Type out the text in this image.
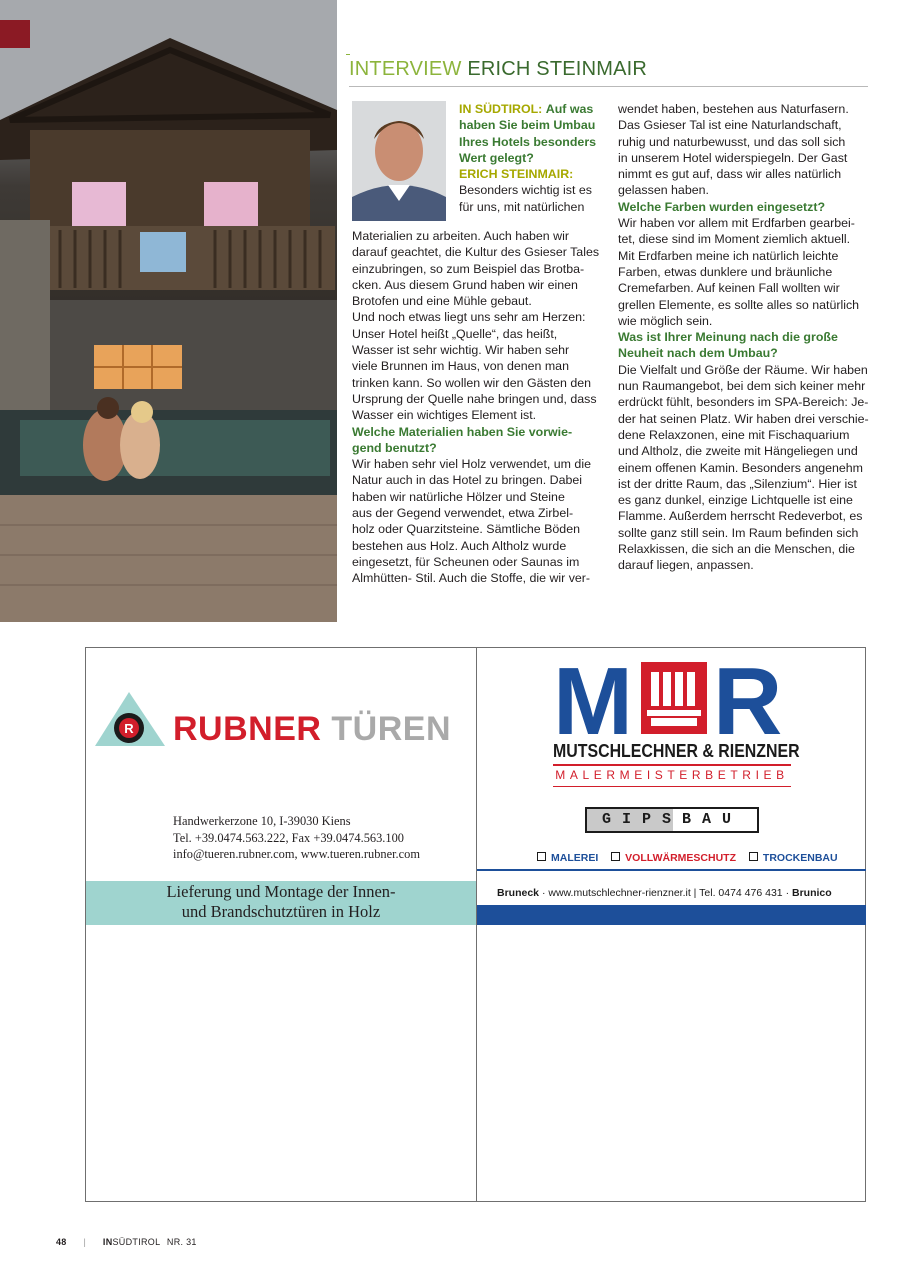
INTERVIEW ERICH STEINMAIR
IN SÜDTIROL: Auf was
haben Sie beim Umbau
Ihres Hotels besonders
Wert gelegt?
ERICH STEINMAIR:
Besonders wichtig ist es
für uns, mit natürlichen
Materialien zu arbeiten. Auch haben wir
darauf geachtet, die Kultur des Gsieser Tales
einzubringen, so zum Beispiel das Brotba-
cken. Aus diesem Grund haben wir einen
Brotofen und eine Mühle gebaut.
Und noch etwas liegt uns sehr am Herzen:
Unser Hotel heißt „Quelle“, das heißt,
Wasser ist sehr wichtig. Wir haben sehr
viele Brunnen im Haus, von denen man
trinken kann. So wollen wir den Gästen den
Ursprung der Quelle nahe bringen und, dass
Wasser ein wichtiges Element ist.
Welche Materialien haben Sie vorwie-
gend benutzt?
Wir haben sehr viel Holz verwendet, um die
Natur auch in das Hotel zu bringen. Dabei
haben wir natürliche Hölzer und Steine
aus der Gegend verwendet, etwa Zirbel-
holz oder Quarzitsteine. Sämtliche Böden
bestehen aus Holz. Auch Altholz wurde
eingesetzt, für Scheunen oder Saunas im
Almhütten- Stil. Auch die Stoffe, die wir ver-
wendet haben, bestehen aus Naturfasern.
Das Gsieser Tal ist eine Naturlandschaft,
ruhig und naturbewusst, und das soll sich
in unserem Hotel widerspiegeln. Der Gast
nimmt es gut auf, dass wir alles natürlich
gelassen haben.
Welche Farben wurden eingesetzt?
Wir haben vor allem mit Erdfarben gearbei-
tet, diese sind im Moment ziemlich aktuell.
Mit Erdfarben meine ich natürlich leichte
Farben, etwas dunklere und bräunliche
Cremefarben. Auf keinen Fall wollten wir
grellen Elemente, es sollte alles so natürlich
wie möglich sein.
Was ist Ihrer Meinung nach die große
Neuheit nach dem Umbau?
Die Vielfalt und Größe der Räume. Wir haben
nun Raumangebot, bei dem sich keiner mehr
erdrückt fühlt, besonders im SPA-Bereich: Je-
der hat seinen Platz. Wir haben drei verschie-
dene Relaxzonen, eine mit Fischaquarium
und Altholz, die zweite mit Hängeliegen und
einem offenen Kamin. Besonders angenehm
ist der dritte Raum, das „Silenzium“. Hier ist
es ganz dunkel, einzige Lichtquelle ist eine
Flamme. Außerdem herrscht Redeverbot, es
sollte ganz still sein. Im Raum befinden sich
Relaxkissen, die sich an die Menschen, die
darauf liegen, anpassen.
R RUBNER TÜREN
Handwerkerzone 10, I-39030 Kiens
Tel. +39.0474.563.222, Fax +39.0474.563.100
info@tueren.rubner.com, www.tueren.rubner.com
Lieferung und Montage der Innen-
und Brandschutztüren in Holz
M R
MUTSCHLECHNER & RIENZNER
MALERMEISTERBETRIEB
GIPSBAU
MALEREI	VOLLWÄRMESCHUTZ	TROCKENBAU
Bruneck · www.mutschlechner-rienzner.it | Tel. 0474 476 431 · Brunico
48 | INSÜDTIROL NR. 31
